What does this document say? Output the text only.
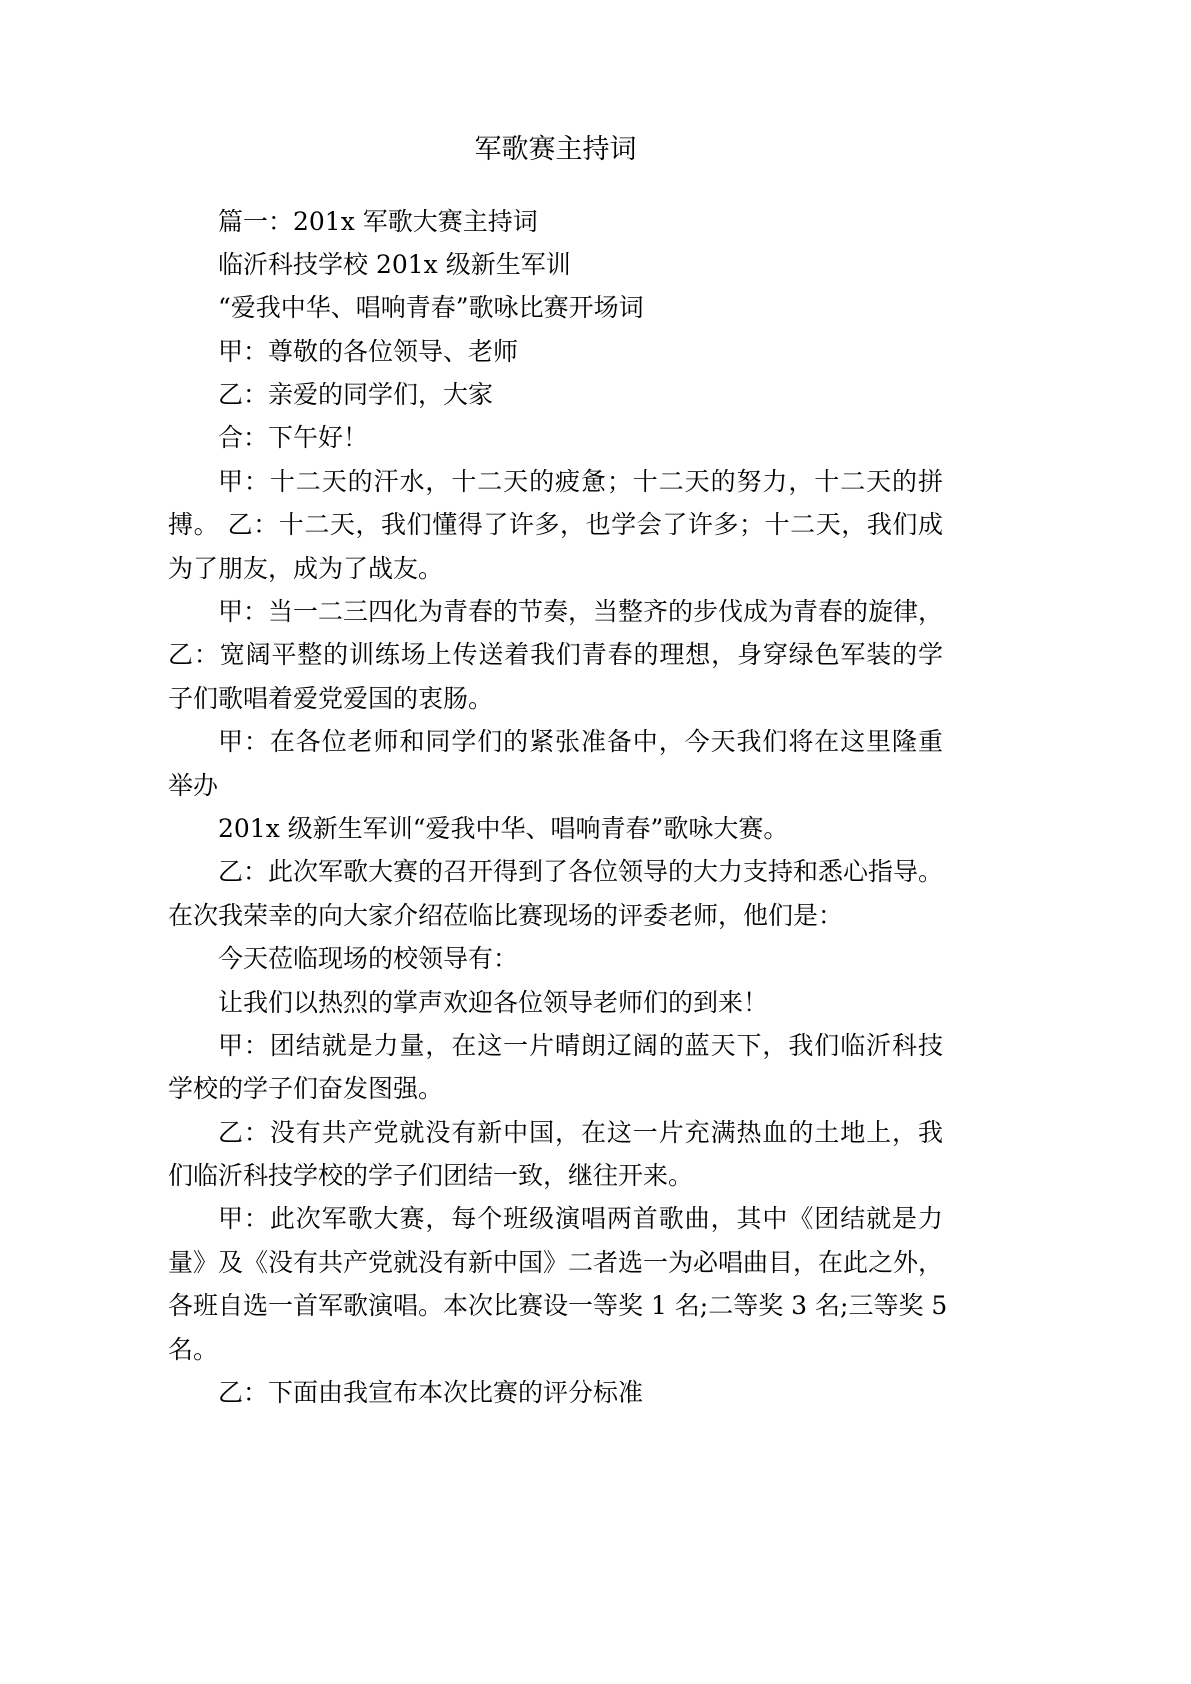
军歌赛主持词
篇一：201x 军歌大赛主持词
临沂科技学校 201x 级新生军训
“爱我中华、唱响青春”歌咏比赛开场词
甲：尊敬的各位领导、老师
乙：亲爱的同学们，大家
合：下午好！
甲：十二天的汗水，十二天的疲惫；十二天的努力，十二天的拼
搏。 乙：十二天，我们懂得了许多，也学会了许多；十二天，我们成
为了朋友，成为了战友。
甲：当一二三四化为青春的节奏，当整齐的步伐成为青春的旋律，
乙：宽阔平整的训练场上传送着我们青春的理想，身穿绿色军装的学
子们歌唱着爱党爱国的衷肠。
甲：在各位老师和同学们的紧张准备中，今天我们将在这里隆重
举办
201x 级新生军训“爱我中华、唱响青春”歌咏大赛。
乙：此次军歌大赛的召开得到了各位领导的大力支持和悉心指导。
在次我荣幸的向大家介绍莅临比赛现场的评委老师，他们是：
今天莅临现场的校领导有：
让我们以热烈的掌声欢迎各位领导老师们的到来！
甲：团结就是力量，在这一片晴朗辽阔的蓝天下，我们临沂科技
学校的学子们奋发图强。
乙：没有共产党就没有新中国，在这一片充满热血的土地上，我
们临沂科技学校的学子们团结一致，继往开来。
甲：此次军歌大赛，每个班级演唱两首歌曲，其中《团结就是力
量》及《没有共产党就没有新中国》二者选一为必唱曲目，在此之外，
各班自选一首军歌演唱。本次比赛设一等奖 1 名;二等奖 3 名;三等奖 5
名。
乙：下面由我宣布本次比赛的评分标准
